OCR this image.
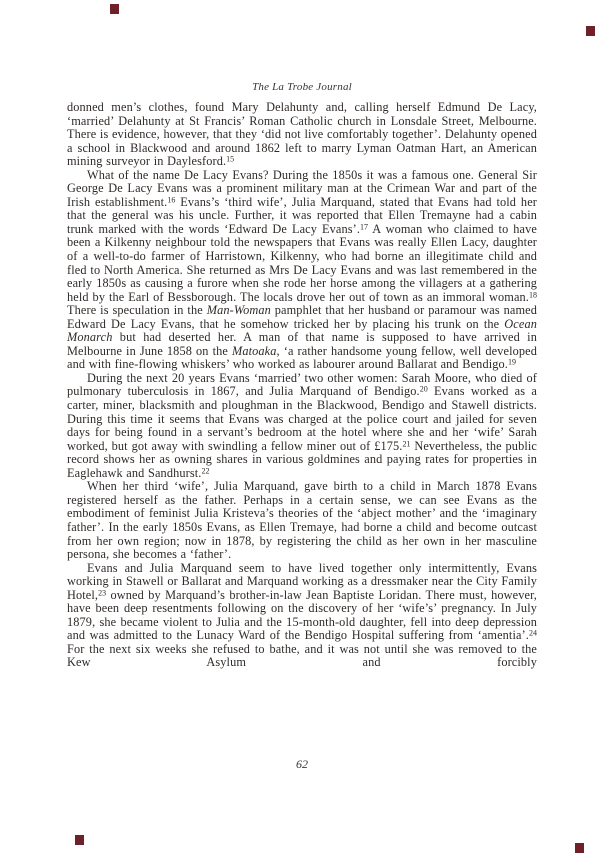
The La Trobe Journal

donned men’s clothes, found Mary Delahunty and, calling herself Edmund De Lacy, ‘married’ Delahunty at St Francis’ Roman Catholic church in Lonsdale Street, Melbourne. There is evidence, however, that they ‘did not live comfortably together’. Delahunty opened a school in Blackwood and around 1862 left to marry Lyman Oatman Hart, an American mining surveyor in Daylesford.$^{15}$

What of the name De Lacy Evans? During the 1850s it was a famous one. General Sir George De Lacy Evans was a prominent military man at the Crimean War and part of the Irish establishment.$^{16}$ Evans’s ‘third wife’, Julia Marquand, stated that Evans had told her that the general was his uncle. Further, it was reported that Ellen Tremayne had a cabin trunk marked with the words ‘Edward De Lacy Evans’.$^{17}$ A woman who claimed to have been a Kilkenny neighbour told the newspapers that Evans was really Ellen Lacy, daughter of a well-to-do farmer of Harristown, Kilkenny, who had borne an illegitimate child and fled to North America. She returned as Mrs De Lacy Evans and was last remembered in the early 1850s as causing a furore when she rode her horse among the villagers at a gathering held by the Earl of Bessborough. The locals drove her out of town as an immoral woman.$^{18}$ There is speculation in the Man-Woman pamphlet that her husband or paramour was named Edward De Lacy Evans, that he somehow tricked her by placing his trunk on the Ocean Monarch but had deserted her. A man of that name is supposed to have arrived in Melbourne in June 1858 on the Matoaka, ‘a rather handsome young fellow, well developed and with fine-flowing whiskers’ who worked as labourer around Ballarat and Bendigo.$^{19}$

During the next 20 years Evans ‘married’ two other women: Sarah Moore, who died of pulmonary tuberculosis in 1867, and Julia Marquand of Bendigo.$^{20}$ Evans worked as a carter, miner, blacksmith and ploughman in the Blackwood, Bendigo and Stawell districts. During this time it seems that Evans was charged at the police court and jailed for seven days for being found in a servant’s bedroom at the hotel where she and her ‘wife’ Sarah worked, but got away with swindling a fellow miner out of £175.21 Nevertheless, the public record shows her as owning shares in various goldmines and paying rates for properties in Eaglehawk and Sandhurst.$^{22}$

When her third ‘wife’, Julia Marquand, gave birth to a child in March 1878 Evans registered herself as the father. Perhaps in a certain sense, we can see Evans as the embodiment of feminist Julia Kristeva’s theories of the ‘abject mother’ and the ‘imaginary father’. In the early 1850s Evans, as Ellen Tremaye, had borne a child and become outcast from her own region; now in 1878, by registering the child as her own in her masculine persona, she becomes a ‘father’.

Evans and Julia Marquand seem to have lived together only intermittently, Evans working in Stawell or Ballarat and Marquand working as a dressmaker near the City Family Hotel,$^{23}$ owned by Marquand’s brother-in-law Jean Baptiste Loridan. There must, however, have been deep resentments following on the discovery of her ‘wife’s’ pregnancy. In July 1879, she became violent to Julia and the 15-month-old daughter, fell into deep depression and was admitted to the Lunacy Ward of the Bendigo Hospital suffering from ‘amentia’.$^{24}$ For the next six weeks she refused to bathe, and it was not until she was removed to the Kew Asylum and forcibly

62
